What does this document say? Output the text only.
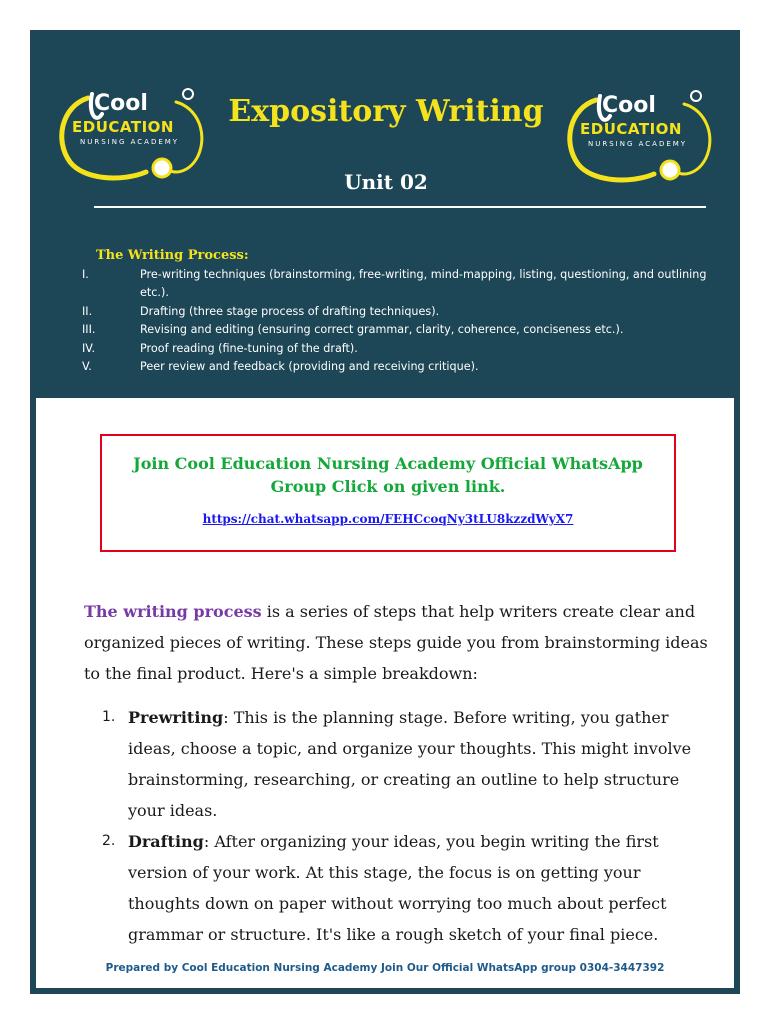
Cool
EDUCATION
NURSING ACADEMY
Expository Writing
Unit 02
Cool
EDUCATION
NURSING ACADEMY
The Writing Process:
I.	Pre-writing techniques (brainstorming, free-writing, mind-mapping, listing, questioning, and outlining etc.).
II.	Drafting (three stage process of drafting techniques).
III.	Revising and editing (ensuring correct grammar, clarity, coherence, conciseness etc.).
IV.	Proof reading (fine-tuning of the draft).
V.	Peer review and feedback (providing and receiving critique).
Join Cool Education Nursing Academy Official WhatsApp Group Click on given link.
https://chat.whatsapp.com/FEHCcoqNy3tLU8kzzdWyX7

The writing process is a series of steps that help writers create clear and organized pieces of writing. These steps guide you from brainstorming ideas to the final product. Here's a simple breakdown:

1. Prewriting: This is the planning stage. Before writing, you gather ideas, choose a topic, and organize your thoughts. This might involve brainstorming, researching, or creating an outline to help structure your ideas.
2. Drafting: After organizing your ideas, you begin writing the first version of your work. At this stage, the focus is on getting your thoughts down on paper without worrying too much about perfect grammar or structure. It's like a rough sketch of your final piece.
Prepared by Cool Education Nursing Academy Join Our Official WhatsApp group 0304-3447392
